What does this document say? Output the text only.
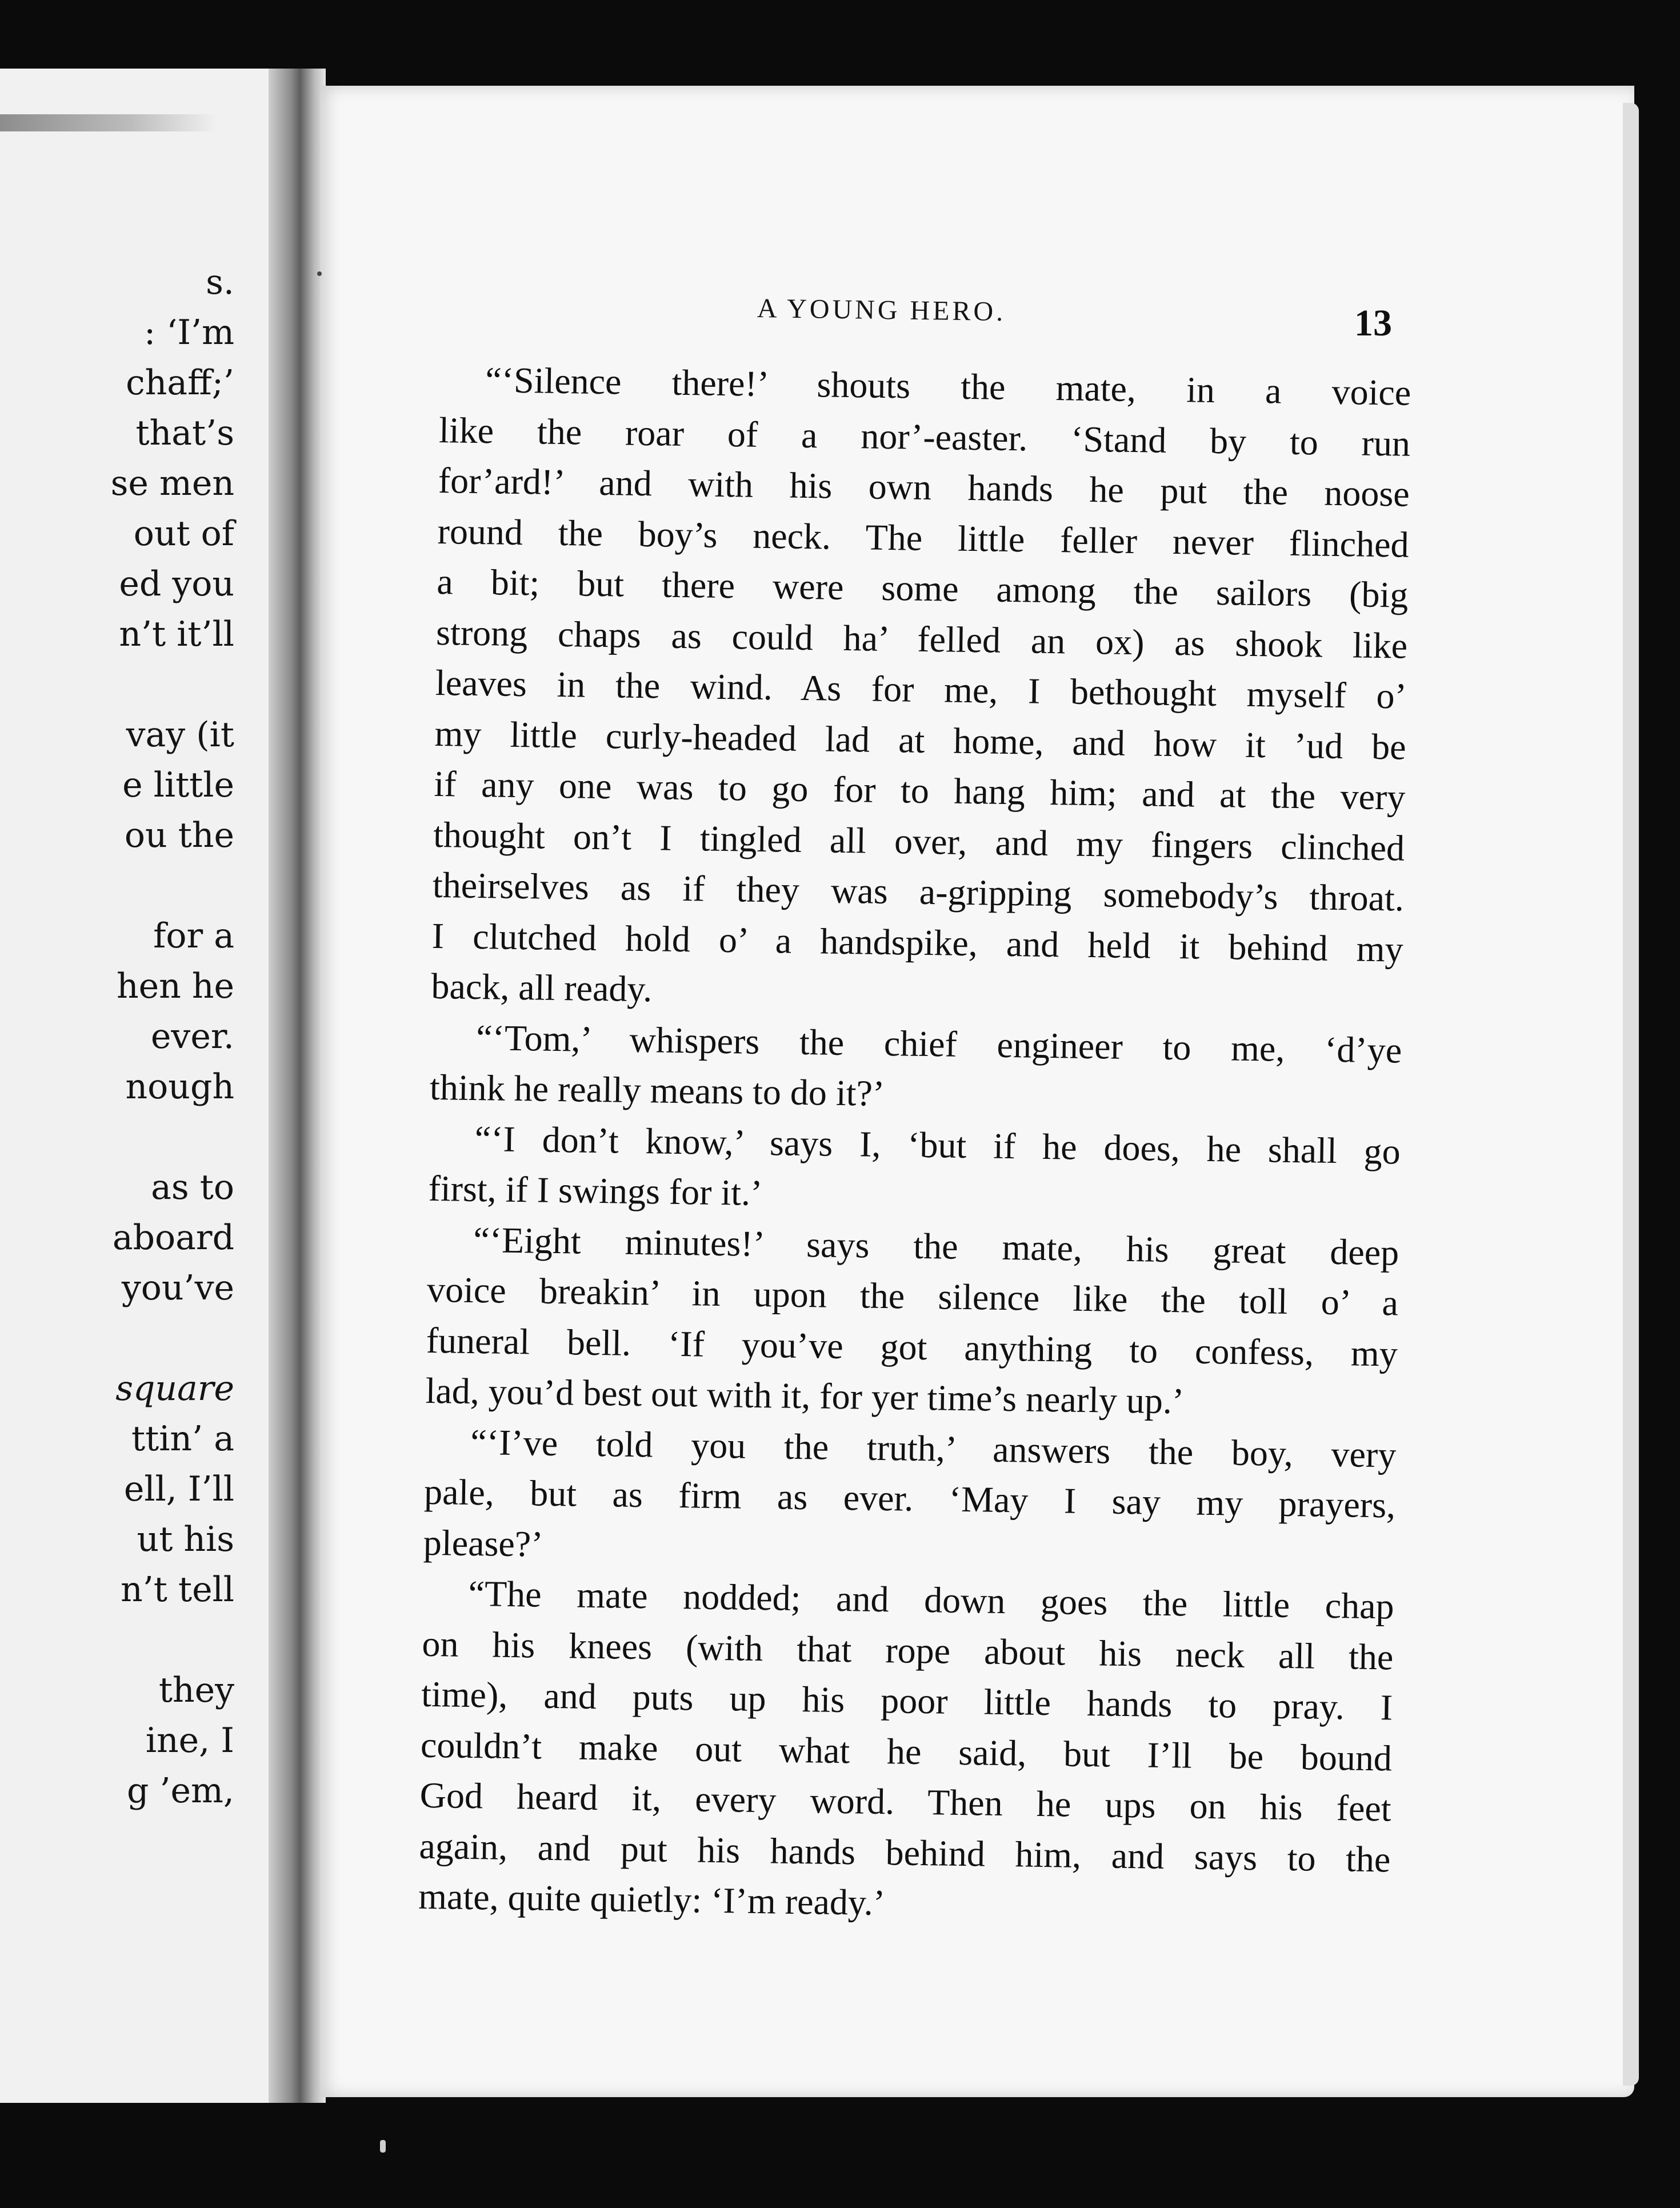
s.
: ‘I’m
chaff;’
that’s
se men
out of
ed you
n’t it’ll
vay (it
e little
ou the
for a
hen he
ever.
nough
as to
aboard
you’ve
square
ttin’ a
ell, I’ll
ut his
n’t tell
they
ine, I
g ’em,
A YOUNG HERO.	13
“‘Silence there!’ shouts the mate, in a voice
like the roar of a nor’-easter. ‘Stand by to run
for’ard!’ and with his own hands he put the noose
round the boy’s neck. The little feller never flinched
a bit; but there were some among the sailors (big
strong chaps as could ha’ felled an ox) as shook like
leaves in the wind. As for me, I bethought myself o’
my little curly-headed lad at home, and how it ’ud be
if any one was to go for to hang him; and at the very
thought on’t I tingled all over, and my fingers clinched
theirselves as if they was a-gripping somebody’s throat.
I clutched hold o’ a handspike, and held it behind my
back, all ready.
“‘Tom,’ whispers the chief engineer to me, ‘d’ye
think he really means to do it?’
“‘I don’t know,’ says I, ‘but if he does, he shall go
first, if I swings for it.’
“‘Eight minutes!’ says the mate, his great deep
voice breakin’ in upon the silence like the toll o’ a
funeral bell. ‘If you’ve got anything to confess, my
lad, you’d best out with it, for yer time’s nearly up.’
“‘I’ve told you the truth,’ answers the boy, very
pale, but as firm as ever. ‘May I say my prayers,
please?’
“The mate nodded; and down goes the little chap
on his knees (with that rope about his neck all the
time), and puts up his poor little hands to pray. I
couldn’t make out what he said, but I’ll be bound
God heard it, every word. Then he ups on his feet
again, and put his hands behind him, and says to the
mate, quite quietly: ‘I’m ready.’
